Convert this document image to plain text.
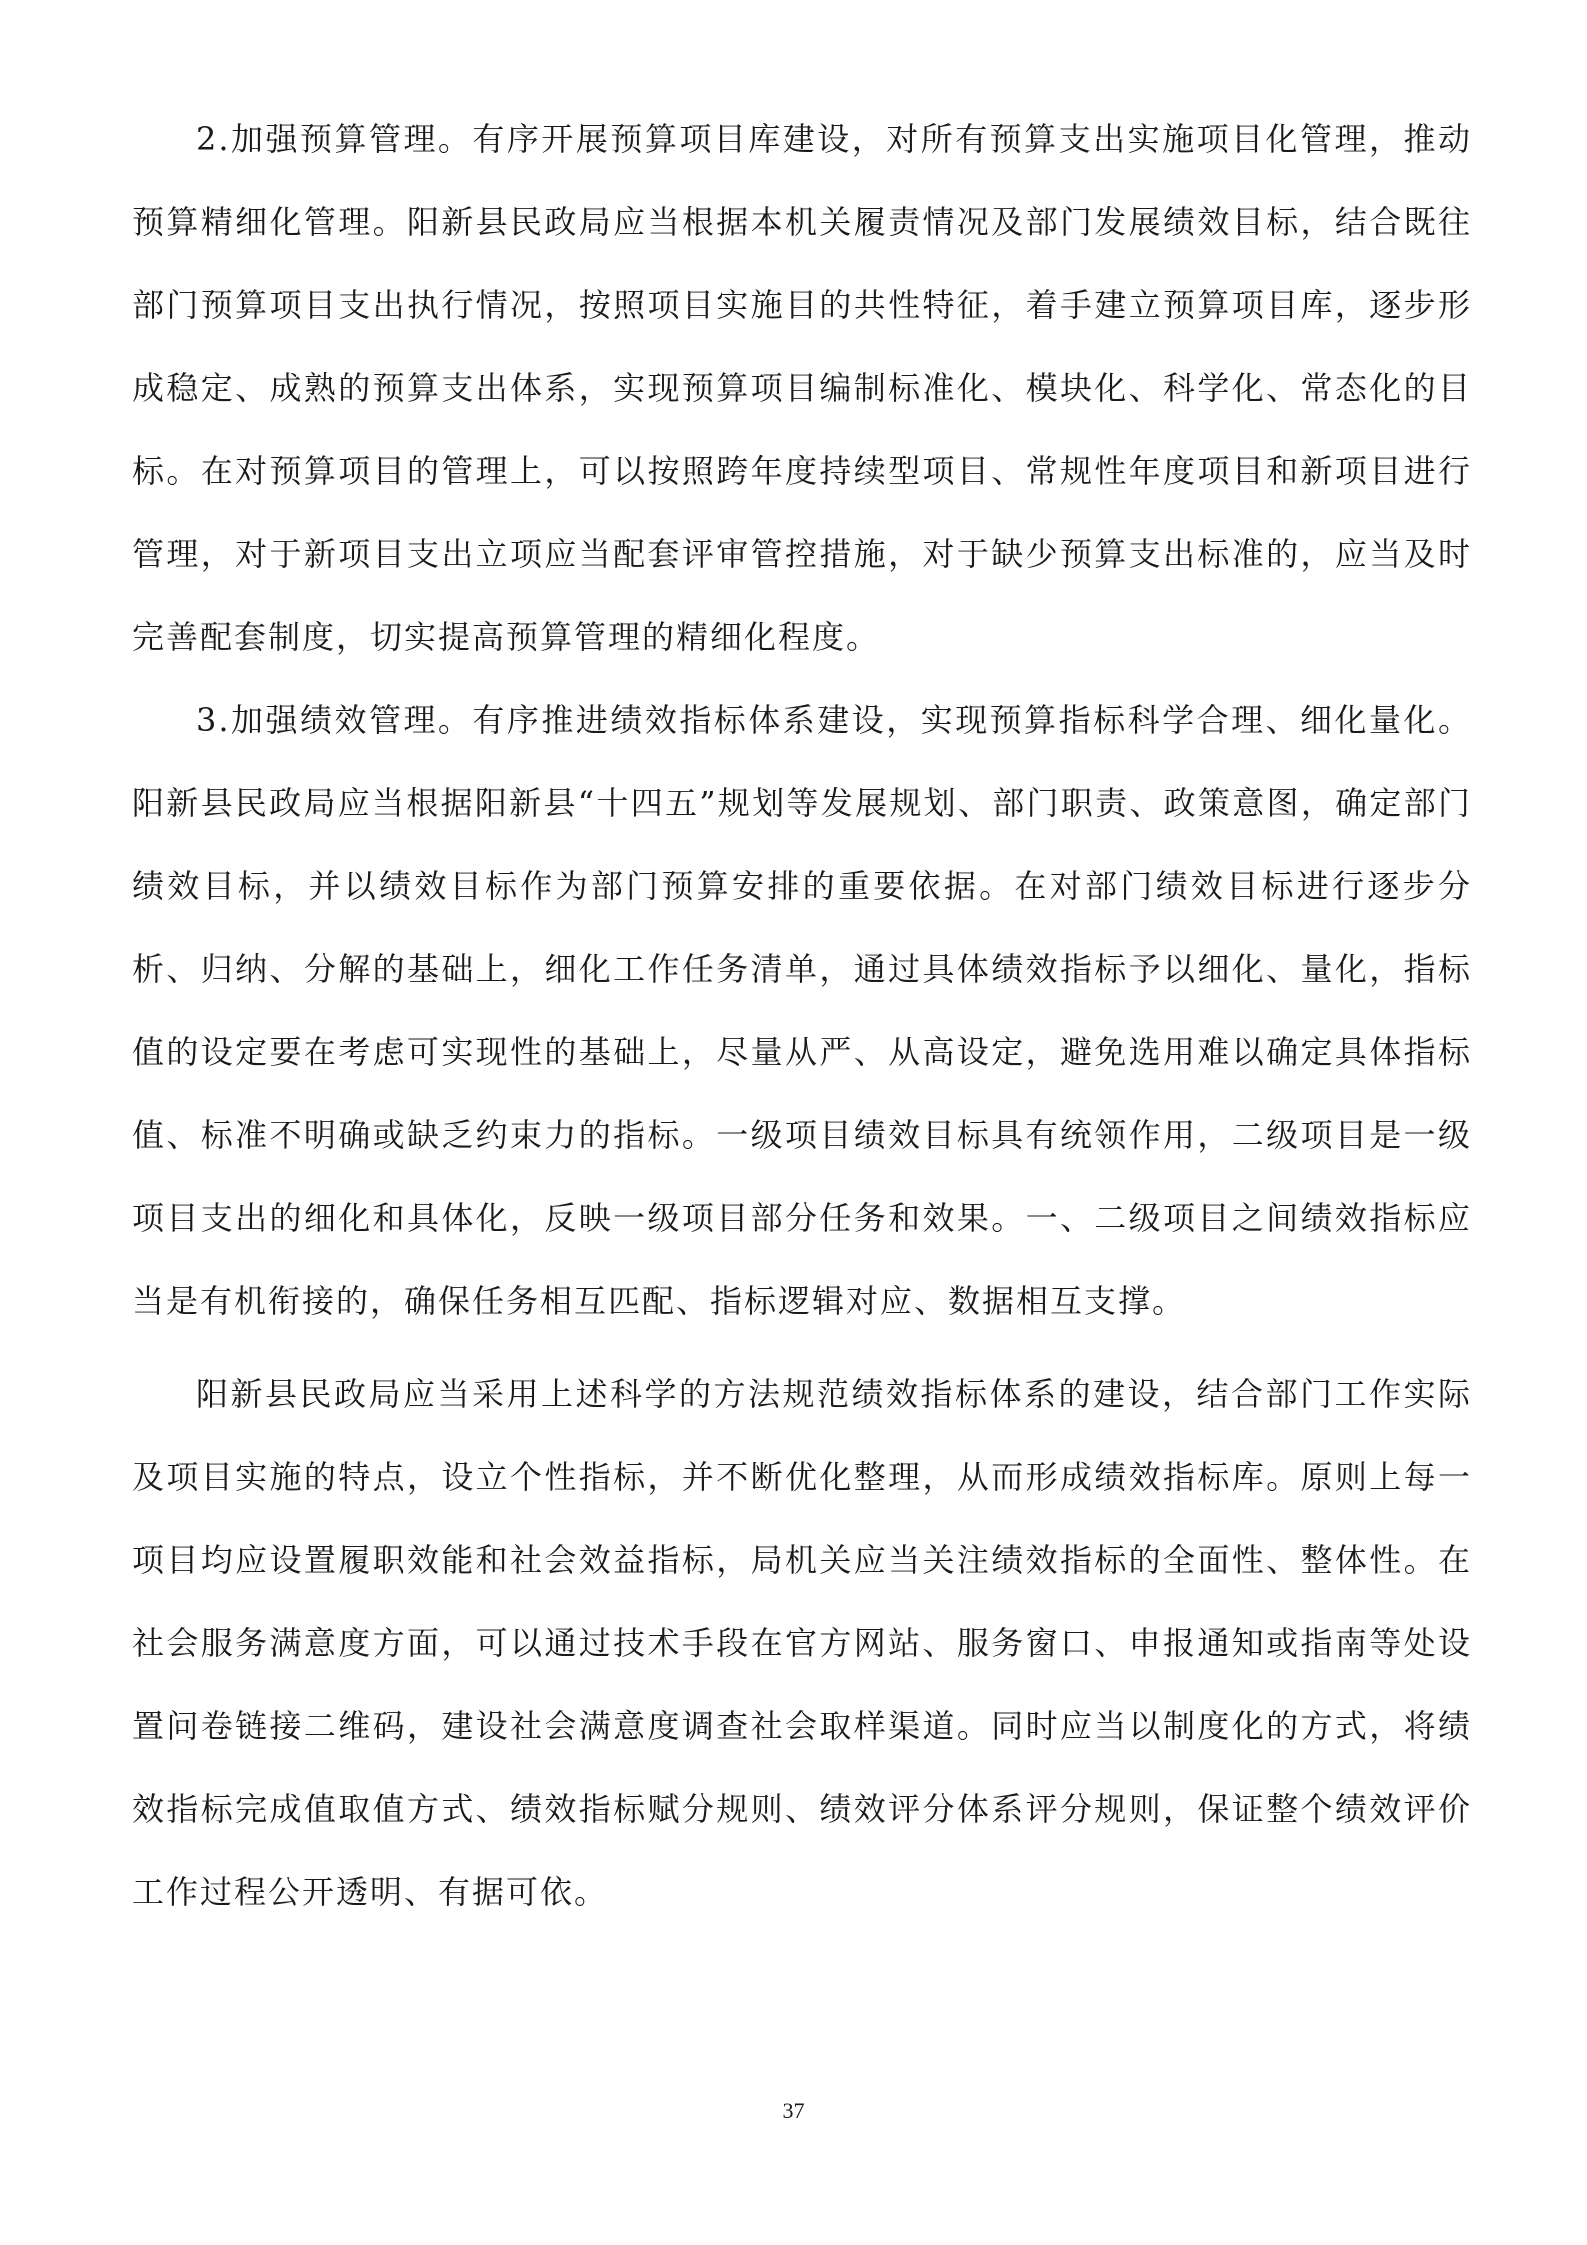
2.加强预算管理。有序开展预算项目库建设，对所有预算支出实施项目化管理，推动预算精细化管理。阳新县民政局应当根据本机关履责情况及部门发展绩效目标，结合既往部门预算项目支出执行情况，按照项目实施目的共性特征，着手建立预算项目库，逐步形成稳定、成熟的预算支出体系，实现预算项目编制标准化、模块化、科学化、常态化的目标。在对预算项目的管理上，可以按照跨年度持续型项目、常规性年度项目和新项目进行管理，对于新项目支出立项应当配套评审管控措施，对于缺少预算支出标准的，应当及时完善配套制度，切实提高预算管理的精细化程度。

3.加强绩效管理。有序推进绩效指标体系建设，实现预算指标科学合理、细化量化。阳新县民政局应当根据阳新县“十四五”规划等发展规划、部门职责、政策意图，确定部门绩效目标，并以绩效目标作为部门预算安排的重要依据。在对部门绩效目标进行逐步分析、归纳、分解的基础上，细化工作任务清单，通过具体绩效指标予以细化、量化，指标值的设定要在考虑可实现性的基础上，尽量从严、从高设定，避免选用难以确定具体指标值、标准不明确或缺乏约束力的指标。一级项目绩效目标具有统领作用，二级项目是一级项目支出的细化和具体化，反映一级项目部分任务和效果。一、二级项目之间绩效指标应当是有机衔接的，确保任务相互匹配、指标逻辑对应、数据相互支撑。

阳新县民政局应当采用上述科学的方法规范绩效指标体系的建设，结合部门工作实际及项目实施的特点，设立个性指标，并不断优化整理，从而形成绩效指标库。原则上每一项目均应设置履职效能和社会效益指标，局机关应当关注绩效指标的全面性、整体性。在社会服务满意度方面，可以通过技术手段在官方网站、服务窗口、申报通知或指南等处设置问卷链接二维码，建设社会满意度调查社会取样渠道。同时应当以制度化的方式，将绩效指标完成值取值方式、绩效指标赋分规则、绩效评分体系评分规则，保证整个绩效评价工作过程公开透明、有据可依。

37
